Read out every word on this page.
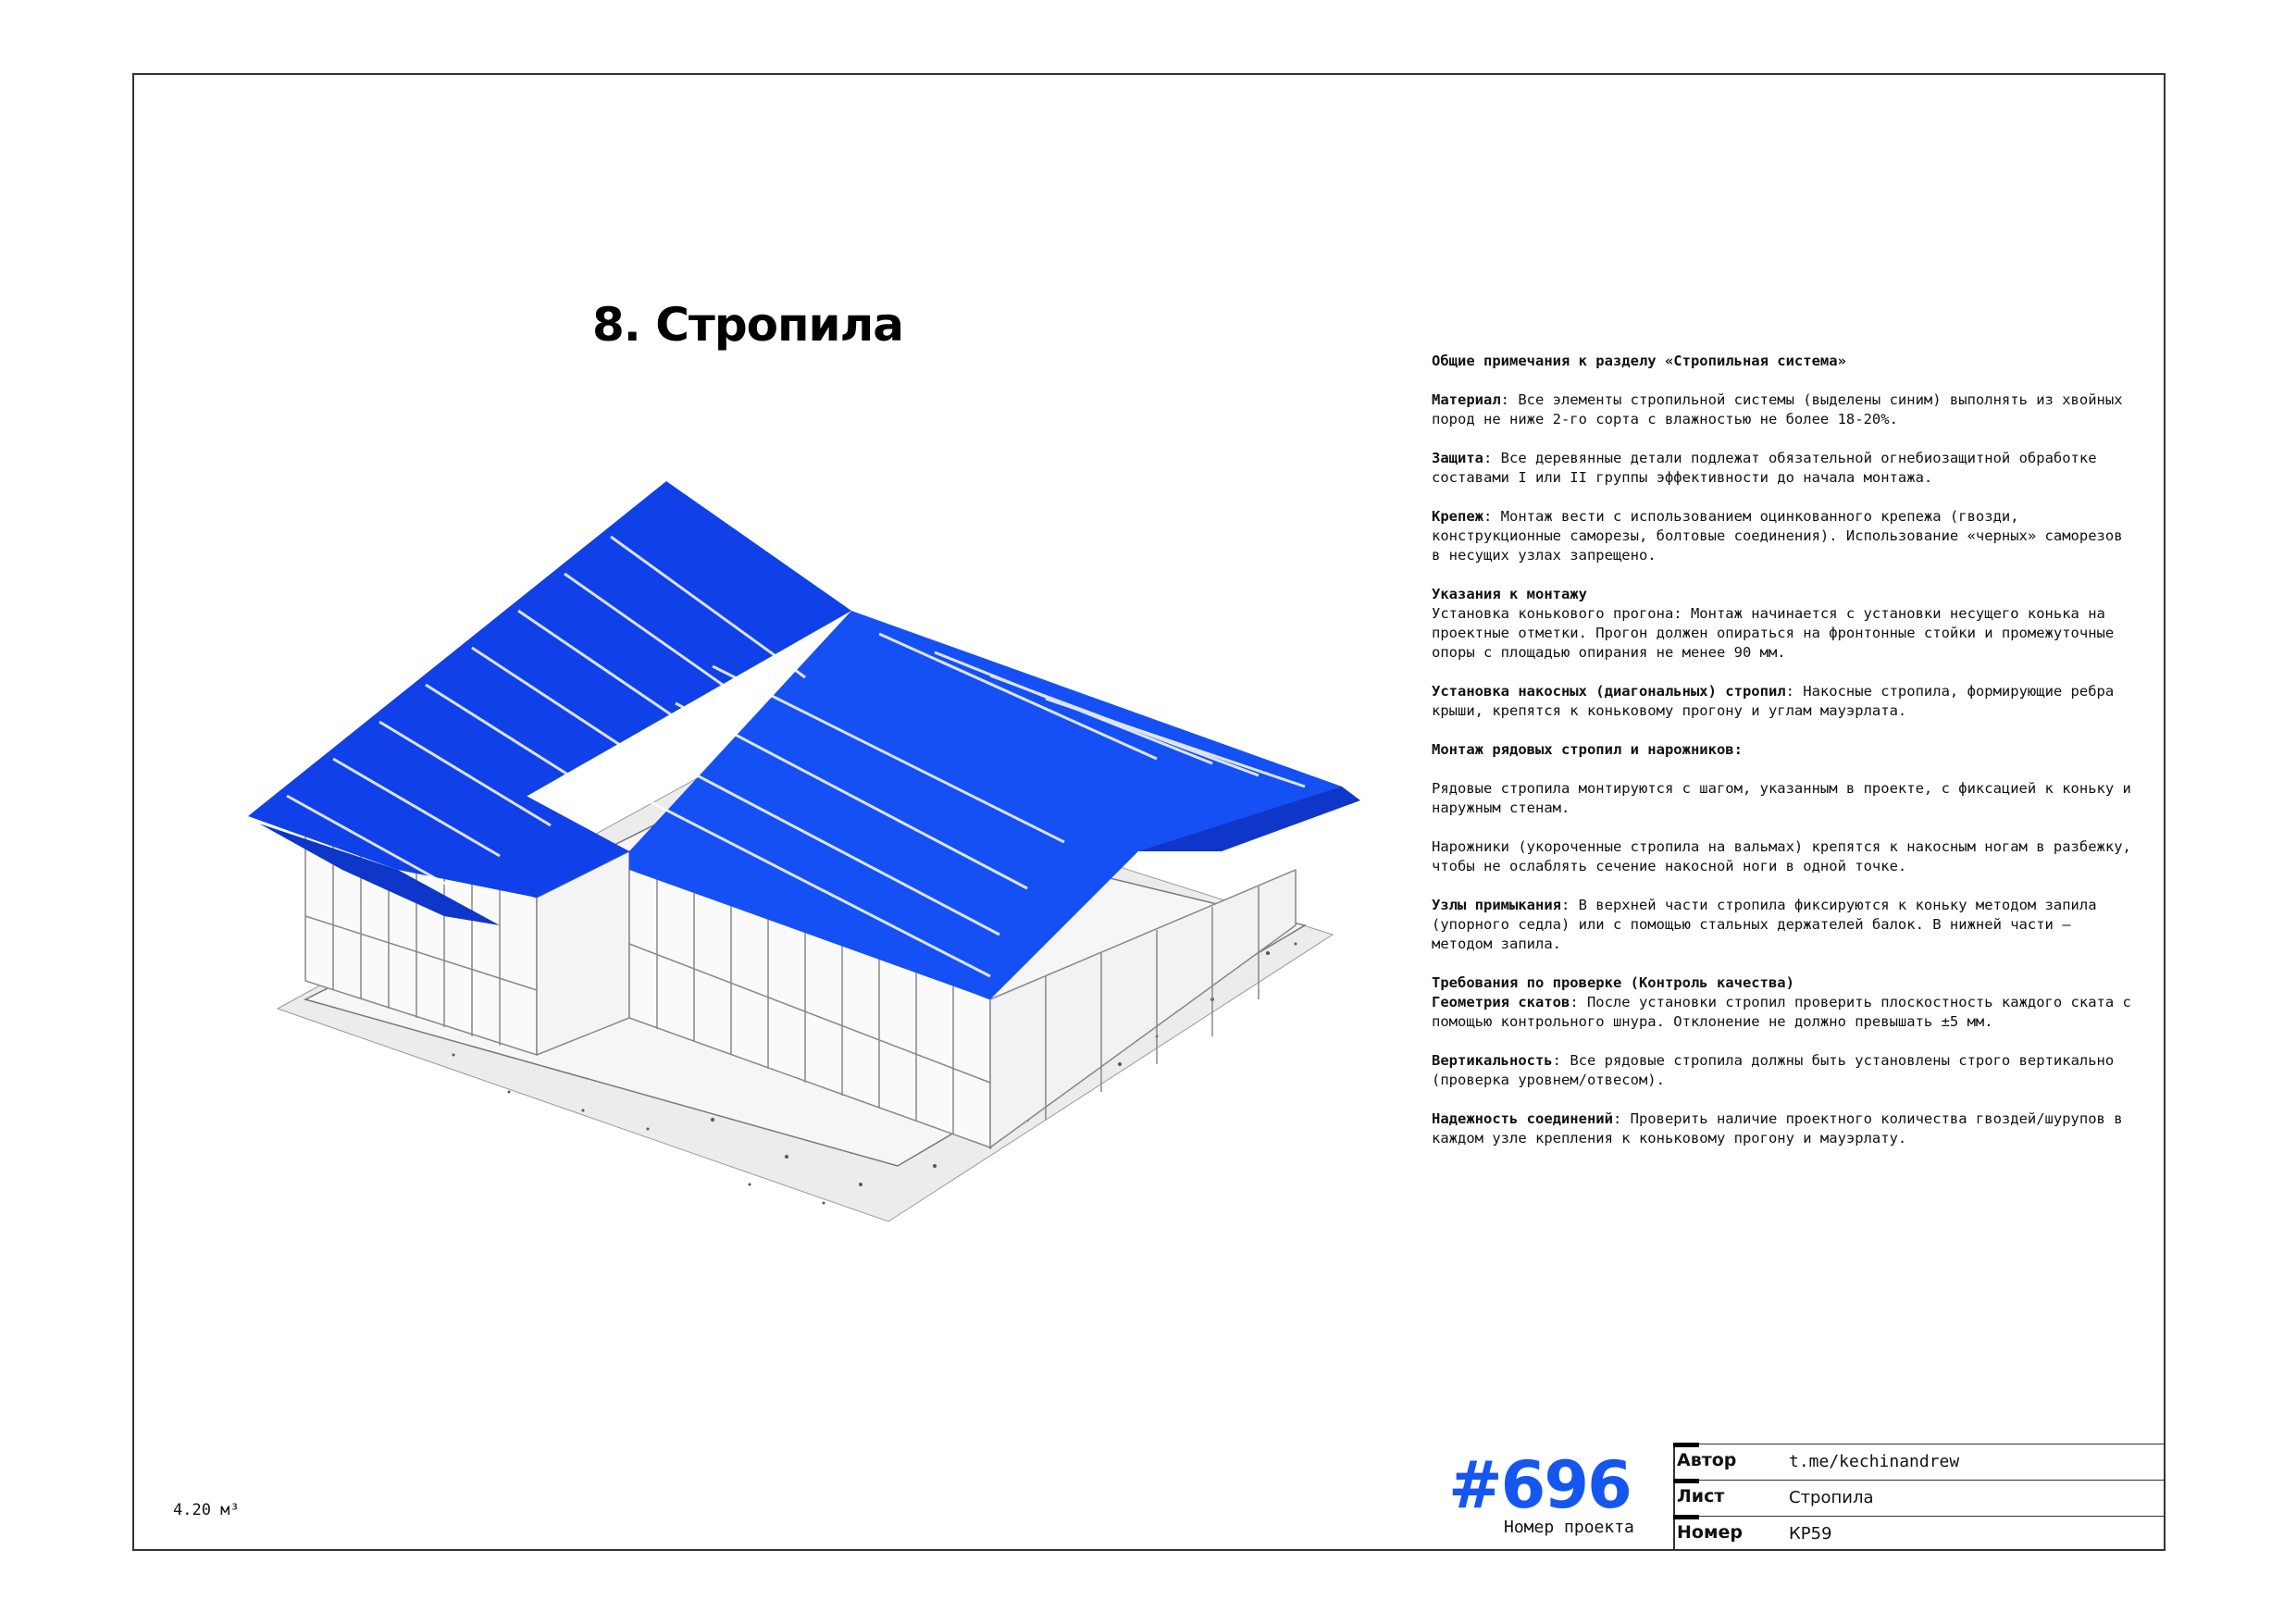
8. Стропила

Общие примечания к разделу «Стропильная система»

Материал: Все элементы стропильной системы (выделены синим) выполнять из хвойных пород не ниже 2-го сорта с влажностью не более 18-20%.

Защита: Все деревянные детали подлежат обязательной огнебиозащитной обработке составами I или II группы эффективности до начала монтажа.

Крепеж: Монтаж вести с использованием оцинкованного крепежа (гвозди, конструкционные саморезы, болтовые соединения). Использование «черных» саморезов в несущих узлах запрещено.

Указания к монтажу

Установка конькового прогона: Монтаж начинается с установки несущего конька на проектные отметки. Прогон должен опираться на фронтонные стойки и промежуточные опоры с площадью опирания не менее 90 мм.

Установка накосных (диагональных) стропил: Накосные стропила, формирующие ребра крыши, крепятся к коньковому прогону и углам мауэрлата.

Монтаж рядовых стропил и нарожников:

Рядовые стропила монтируются с шагом, указанным в проекте, с фиксацией к коньку и наружным стенам.

Нарожники (укороченные стропила на вальмах) крепятся к накосным ногам в разбежку, чтобы не ослаблять сечение накосной ноги в одной точке.

Узлы примыкания: В верхней части стропила фиксируются к коньку методом запила (упорного седла) или с помощью стальных держателей балок. В нижней части — методом запила.

Требования по проверке (Контроль качества)

Геометрия скатов: После установки стропил проверить плоскостность каждого ската с помощью контрольного шнура. Отклонение не должно превышать ±5 мм.

Вертикальность: Все рядовые стропила должны быть установлены строго вертикально (проверка уровнем/отвесом).

Надежность соединений: Проверить наличие проектного количества гвоздей/шурупов в каждом узле крепления к коньковому прогону и мауэрлату.

4.20 м³	#696
Номер проекта
Автор	t.me/kechinandrew
Лист	Стропила
Номер	КР59
